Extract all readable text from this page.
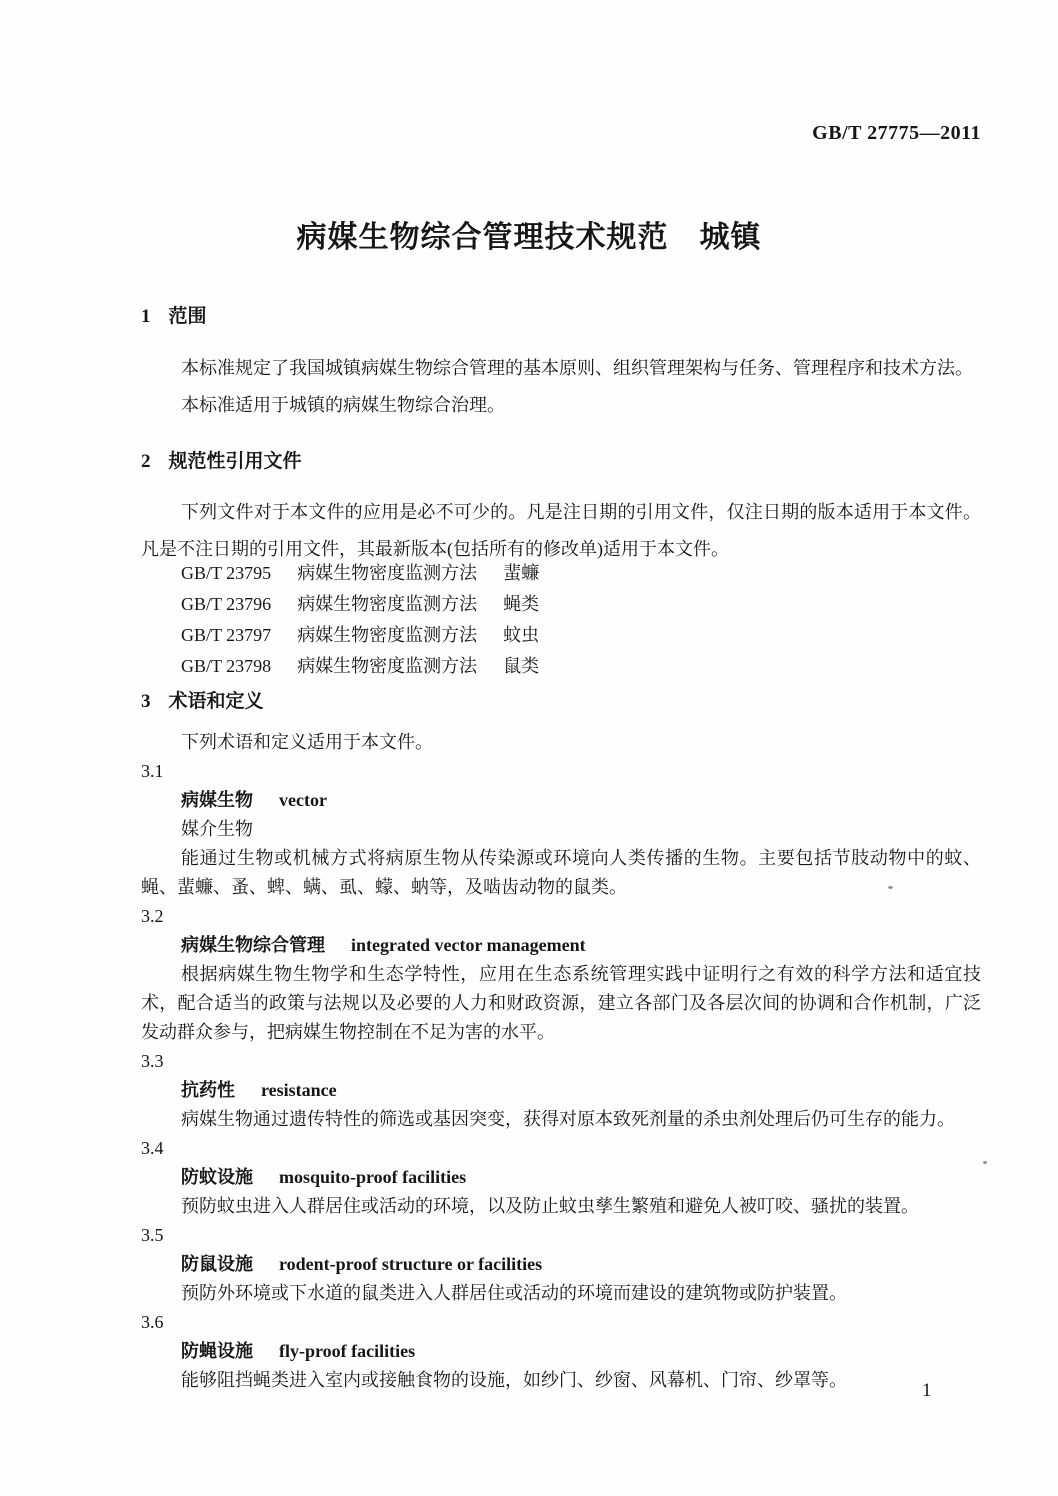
GB/T 27775—2011
病媒生物综合管理技术规范　城镇
1 范围

本标准规定了我国城镇病媒生物综合管理的基本原则、组织管理架构与任务、管理程序和技术方法。

本标准适用于城镇的病媒生物综合治理。

2 规范性引用文件

下列文件对于本文件的应用是必不可少的。凡是注日期的引用文件，仅注日期的版本适用于本文件。凡是不注日期的引用文件，其最新版本(包括所有的修改单)适用于本文件。

GB/T 23795 病媒生物密度监测方法 蜚蠊
GB/T 23796 病媒生物密度监测方法 蝇类
GB/T 23797 病媒生物密度监测方法 蚊虫
GB/T 23798 病媒生物密度监测方法 鼠类
3 术语和定义
下列术语和定义适用于本文件。
3.1
病媒生物 vector
媒介生物

能通过生物或机械方式将病原生物从传染源或环境向人类传播的生物。主要包括节肢动物中的蚊、蝇、蜚蠊、蚤、蜱、螨、虱、蠓、蚋等，及啮齿动物的鼠类。

3.2
病媒生物综合管理 integrated vector management

根据病媒生物生物学和生态学特性，应用在生态系统管理实践中证明行之有效的科学方法和适宜技术，配合适当的政策与法规以及必要的人力和财政资源，建立各部门及各层次间的协调和合作机制，广泛发动群众参与，把病媒生物控制在不足为害的水平。

3.3
抗药性 resistance

病媒生物通过遗传特性的筛选或基因突变，获得对原本致死剂量的杀虫剂处理后仍可生存的能力。

3.4
防蚊设施 mosquito-proof facilities

预防蚊虫进入人群居住或活动的环境，以及防止蚊虫孳生繁殖和避免人被叮咬、骚扰的装置。

3.5
防鼠设施 rodent-proof structure or facilities

预防外环境或下水道的鼠类进入人群居住或活动的环境而建设的建筑物或防护装置。

3.6
防蝇设施 fly-proof facilities

能够阻挡蝇类进入室内或接触食物的设施，如纱门、纱窗、风幕机、门帘、纱罩等。	1
